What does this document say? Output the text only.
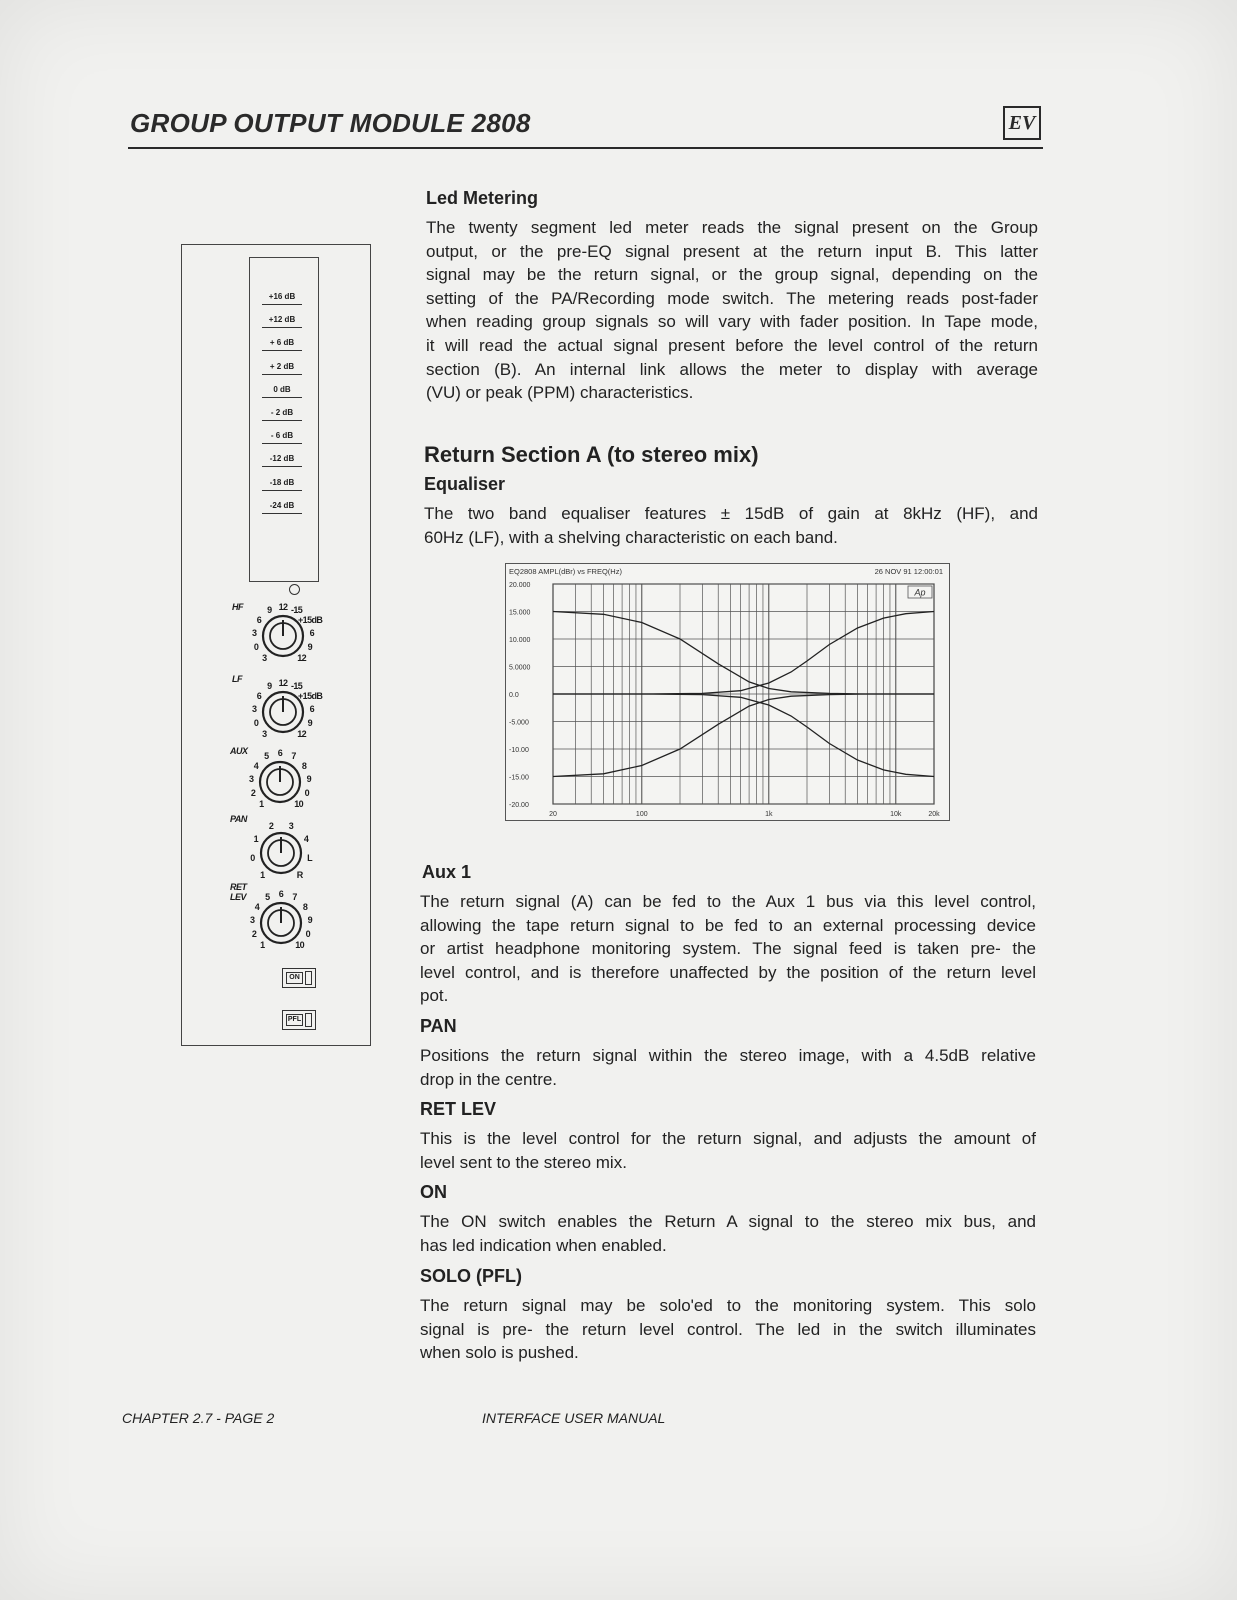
GROUP OUTPUT MODULE 2808	EV
+16 dB
+12 dB
+ 6 dB
+ 2 dB
0 dB
- 2 dB
- 6 dB
-12 dB
-18 dB
-24 dB
HF
3
0
3
6
9 12 -15
+15dB
6
9
12
LF
3
0
3
6
9 12 -15
+15dB
6
9
12
AUX
1
2
3
4
5	6	7
8
9
0
10
PAN
1
0
1
2	3
4
L
R
RET LEV
1
2
3
4
5	6	7
8
9
0
10
ON
PFL
Led Metering
The twenty segment led meter reads the signal present on the Group
output, or the pre-EQ signal present at the return input B. This latter
signal may be the return signal, or the group signal, depending on the
setting of the PA/Recording mode switch. The metering reads post-fader
when reading group signals so will vary with fader position. In Tape mode,
it will read the actual signal present before the level control of the return
section (B). An internal link allows the meter to display with average
(VU) or peak (PPM) characteristics.
Return Section A (to stereo mix)
Equaliser
The two band equaliser features ± 15dB of gain at 8kHz (HF), and
60Hz (LF), with a shelving characteristic on each band.
EQ2808 AMPL(dBr) vs FREQ(Hz)	26 NOV 91 12:00:01
20.000
15.000
10.000
5.0000
0.0
-5.000
-10.00
-15.00
-20.00
20	100	1k	10k	20k
Ap
Aux 1
The return signal (A) can be fed to the Aux 1 bus via this level control,
allowing the tape return signal to be fed to an external processing device
or artist headphone monitoring system. The signal feed is taken pre- the
level control, and is therefore unaffected by the position of the return level
pot.
PAN
Positions the return signal within the stereo image, with a 4.5dB relative
drop in the centre.
RET LEV
This is the level control for the return signal, and adjusts the amount of
level sent to the stereo mix.
ON
The ON switch enables the Return A signal to the stereo mix bus, and
has led indication when enabled.
SOLO (PFL)
The return signal may be solo'ed to the monitoring system. This solo
signal is pre- the return level control. The led in the switch illuminates
when solo is pushed.
CHAPTER 2.7 - PAGE 2	INTERFACE USER MANUAL
